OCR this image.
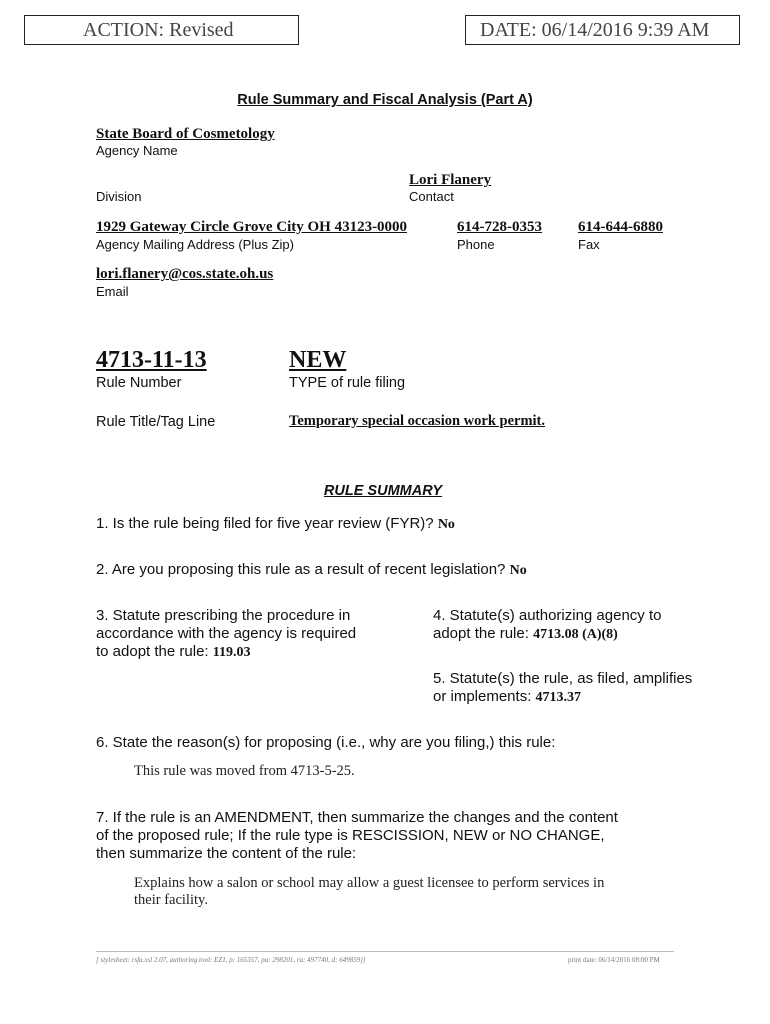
ACTION: Revised	DATE: 06/14/2016 9:39 AM
Rule Summary and Fiscal Analysis (Part A)
State Board of Cosmetology
Agency Name
Lori Flanery
Division	Contact
1929 Gateway Circle Grove City OH 43123-0000
Agency Mailing Address (Plus Zip)
614-728-0353
Phone
614-644-6880
Fax
lori.flanery@cos.state.oh.us
Email
4713-11-13
Rule Number
NEW
TYPE of rule filing
Rule Title/Tag Line	Temporary special occasion work permit.
RULE SUMMARY
1. Is the rule being filed for five year review (FYR)? No
2. Are you proposing this rule as a result of recent legislation? No
3. Statute prescribing the procedure in
accordance with the agency is required
to adopt the rule: 119.03
4. Statute(s) authorizing agency to
adopt the rule: 4713.08 (A)(8)
5. Statute(s) the rule, as filed, amplifies
or implements: 4713.37
6. State the reason(s) for proposing (i.e., why are you filing,) this rule:
This rule was moved from 4713-5-25.
7. If the rule is an AMENDMENT, then summarize the changes and the content
of the proposed rule; If the rule type is RESCISSION, NEW or NO CHANGE,
then summarize the content of the rule:
Explains how a salon or school may allow a guest licensee to perform services in
their facility.
[ stylesheet: rsfa.xsl 2.07, authoring tool: EZ1, p: 165357, pa: 298201, ra: 497740, d: 649859)]	print date: 06/14/2016 08:00 PM
